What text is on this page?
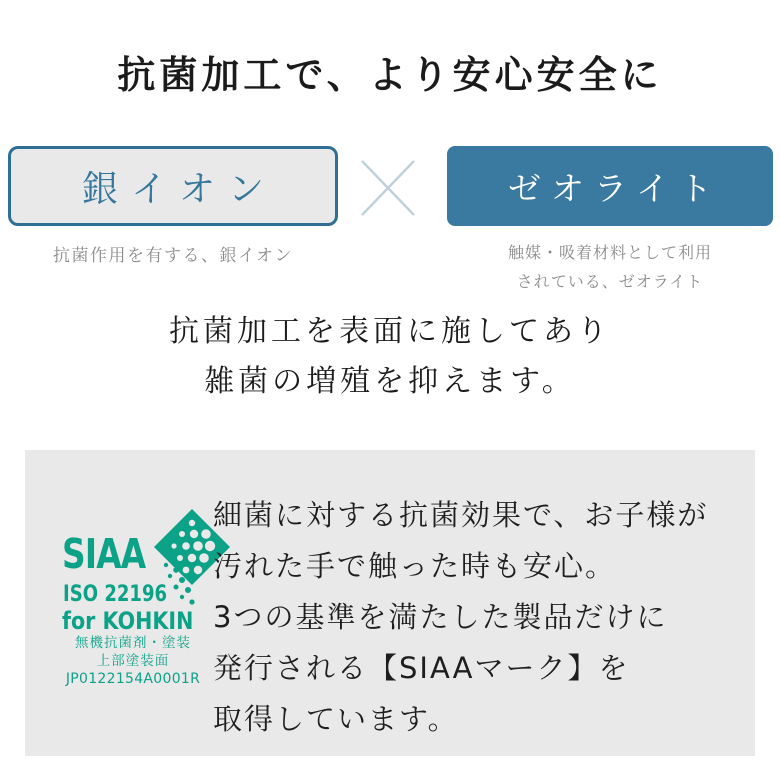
抗菌加工で、より安心安全に
銀イオン	ゼオライト
抗菌作用を有する、銀イオン	触媒・吸着材料として利用
されている、ゼオライト
抗菌加工を表面に施してあり
雑菌の増殖を抑えます。
SIAA
ISO 22196
for KOHKIN
無機抗菌剤・塗装
上部塗装面
JP0122154A0001R
細菌に対する抗菌効果で、お子様が
汚れた手で触った時も安心。
3つの基準を満たした製品だけに
発行される【SIAAマーク】を
取得しています。
